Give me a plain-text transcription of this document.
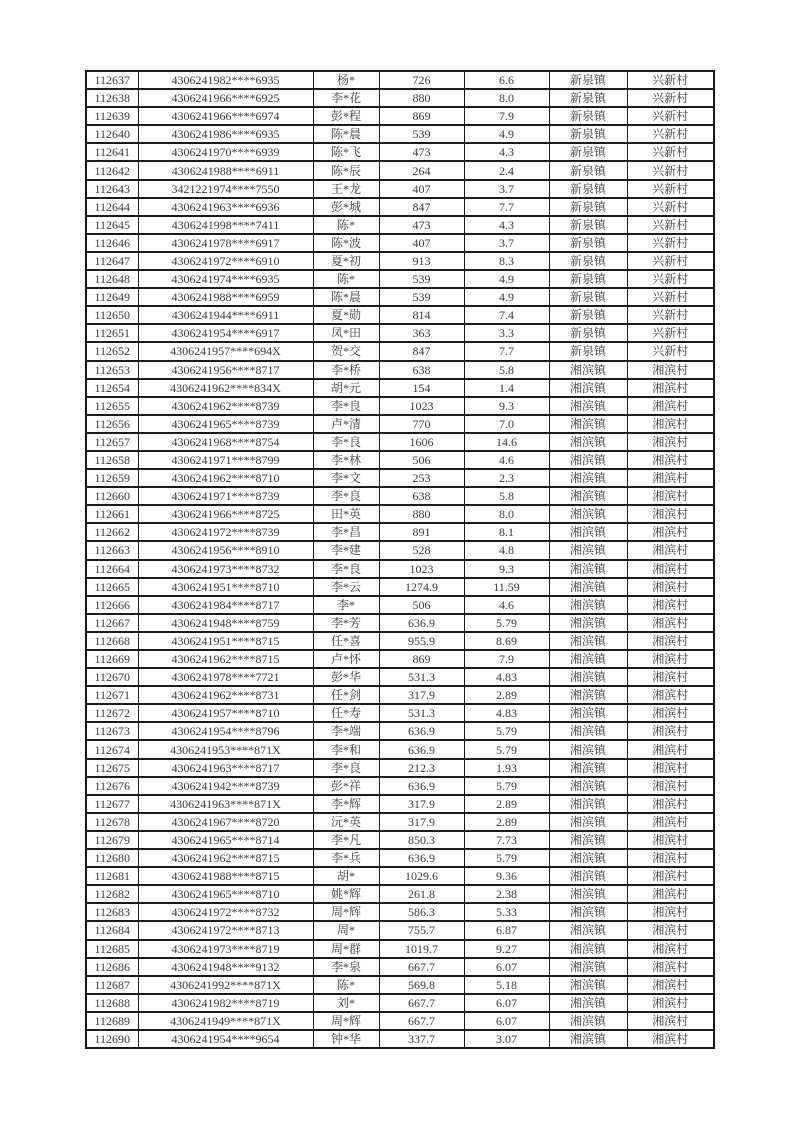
112637	4306241982****6935	杨*	726	6.6	新泉镇	兴新村
112638	4306241966****6925	李*花	880	8.0	新泉镇	兴新村
112639	4306241966****6974	彭*程	869	7.9	新泉镇	兴新村
112640	4306241986****6935	陈*晨	539	4.9	新泉镇	兴新村
112641	4306241970****6939	陈*飞	473	4.3	新泉镇	兴新村
112642	4306241988****6911	陈*辰	264	2.4	新泉镇	兴新村
112643	3421221974****7550	王*龙	407	3.7	新泉镇	兴新村
112644	4306241963****6936	彭*城	847	7.7	新泉镇	兴新村
112645	4306241998****7411	陈*	473	4.3	新泉镇	兴新村
112646	4306241978****6917	陈*波	407	3.7	新泉镇	兴新村
112647	4306241972****6910	夏*初	913	8.3	新泉镇	兴新村
112648	4306241974****6935	陈*	539	4.9	新泉镇	兴新村
112649	4306241988****6959	陈*晨	539	4.9	新泉镇	兴新村
112650	4306241944****6911	夏*勋	814	7.4	新泉镇	兴新村
112651	4306241954****6917	凤*田	363	3.3	新泉镇	兴新村
112652	4306241957****694X	贺*交	847	7.7	新泉镇	兴新村
112653	4306241956****8717	李*桥	638	5.8	湘滨镇	湘滨村
112654	4306241962****834X	胡*元	154	1.4	湘滨镇	湘滨村
112655	4306241962****8739	李*良	1023	9.3	湘滨镇	湘滨村
112656	4306241965****8739	卢*清	770	7.0	湘滨镇	湘滨村
112657	4306241968****8754	李*良	1606	14.6	湘滨镇	湘滨村
112658	4306241971****8799	李*林	506	4.6	湘滨镇	湘滨村
112659	4306241962****8710	李*文	253	2.3	湘滨镇	湘滨村
112660	4306241971****8739	李*良	638	5.8	湘滨镇	湘滨村
112661	4306241966****8725	田*英	880	8.0	湘滨镇	湘滨村
112662	4306241972****8739	李*昌	891	8.1	湘滨镇	湘滨村
112663	4306241956****8910	李*建	528	4.8	湘滨镇	湘滨村
112664	4306241973****8732	李*良	1023	9.3	湘滨镇	湘滨村
112665	4306241951****8710	李*云	1274.9	11.59	湘滨镇	湘滨村
112666	4306241984****8717	李*	506	4.6	湘滨镇	湘滨村
112667	4306241948****8759	李*芳	636.9	5.79	湘滨镇	湘滨村
112668	4306241951****8715	任*喜	955.9	8.69	湘滨镇	湘滨村
112669	4306241962****8715	卢*怀	869	7.9	湘滨镇	湘滨村
112670	4306241978****7721	彭*华	531.3	4.83	湘滨镇	湘滨村
112671	4306241962****8731	任*剑	317.9	2.89	湘滨镇	湘滨村
112672	4306241957****8710	任*寿	531.3	4.83	湘滨镇	湘滨村
112673	4306241954****8796	李*端	636.9	5.79	湘滨镇	湘滨村
112674	4306241953****871X	李*和	636.9	5.79	湘滨镇	湘滨村
112675	4306241963****8717	李*良	212.3	1.93	湘滨镇	湘滨村
112676	4306241942****8739	彭*祥	636.9	5.79	湘滨镇	湘滨村
112677	4306241963****871X	李*辉	317.9	2.89	湘滨镇	湘滨村
112678	4306241967****8720	沅*英	317.9	2.89	湘滨镇	湘滨村
112679	4306241965****8714	李*凡	850.3	7.73	湘滨镇	湘滨村
112680	4306241962****8715	李*兵	636.9	5.79	湘滨镇	湘滨村
112681	4306241988****8715	胡*	1029.6	9.36	湘滨镇	湘滨村
112682	4306241965****8710	姚*辉	261.8	2.38	湘滨镇	湘滨村
112683	4306241972****8732	周*辉	586.3	5.33	湘滨镇	湘滨村
112684	4306241972****8713	周*	755.7	6.87	湘滨镇	湘滨村
112685	4306241973****8719	周*群	1019.7	9.27	湘滨镇	湘滨村
112686	4306241948****9132	李*泉	667.7	6.07	湘滨镇	湘滨村
112687	4306241992****871X	陈*	569.8	5.18	湘滨镇	湘滨村
112688	4306241982****8719	刘*	667.7	6.07	湘滨镇	湘滨村
112689	4306241949****871X	周*辉	667.7	6.07	湘滨镇	湘滨村
112690	4306241954****9654	钟*华	337.7	3.07	湘滨镇	湘滨村
